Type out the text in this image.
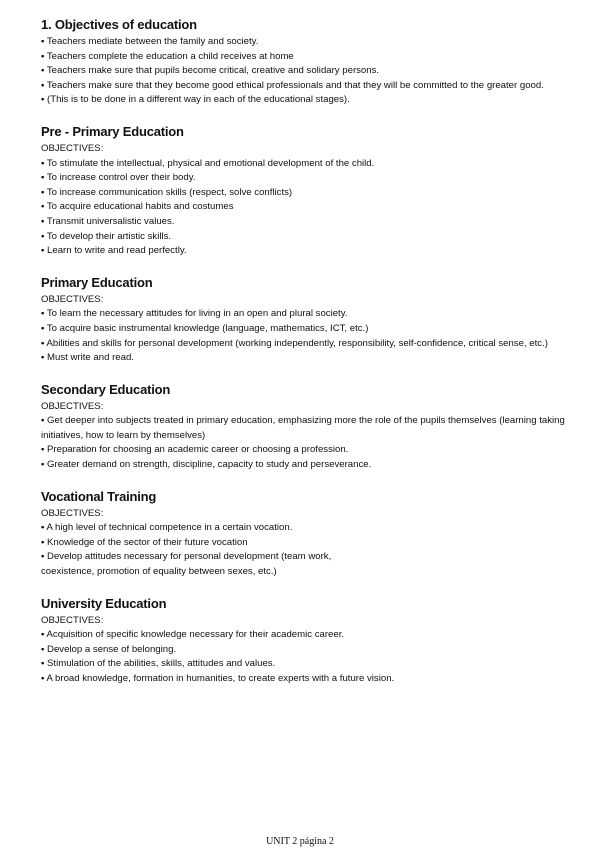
1. Objectives of education
• Teachers mediate between the family and society.
• Teachers complete the education a child receives at home
• Teachers make sure that pupils become critical, creative and solidary persons.
• Teachers make sure that they become good ethical professionals and that they will be committed to the greater good.
• (This is to be done in a different way in each of the educational stages).
Pre - Primary Education
OBJECTIVES:
• To stimulate the intellectual, physical and emotional development of the child.
• To increase control over their body.
• To increase communication skills (respect, solve conflicts)
• To acquire educational habits and costumes
• Transmit universalistic values.
• To develop their artistic skills.
• Learn to write and read perfectly.
Primary Education
OBJECTIVES:
• To learn the necessary attitudes for living in an open and plural society.
• To acquire basic instrumental knowledge (language, mathematics, ICT, etc.)
• Abilities and skills for personal development (working independently, responsibility, self-confidence, critical sense, etc.)
• Must write and read.
Secondary Education
OBJECTIVES:
• Get deeper into subjects treated in primary education, emphasizing more the role of the pupils themselves (learning taking initiatives, how to learn by themselves)
• Preparation for choosing an academic career or choosing a profession.
• Greater demand on strength, discipline, capacity to study and perseverance.
Vocational Training
OBJECTIVES:
• A high level of technical competence in a certain vocation.
• Knowledge of the sector of their future vocation
• Develop attitudes necessary for personal development (team work,
coexistence, promotion of equality between sexes, etc.)
University Education
OBJECTIVES:
• Acquisition of specific knowledge necessary for their academic career.
• Develop a sense of belonging.
• Stimulation of the abilities, skills, attitudes and values.
• A broad knowledge, formation in humanities, to create experts with a future vision.
UNIT 2 página 2
